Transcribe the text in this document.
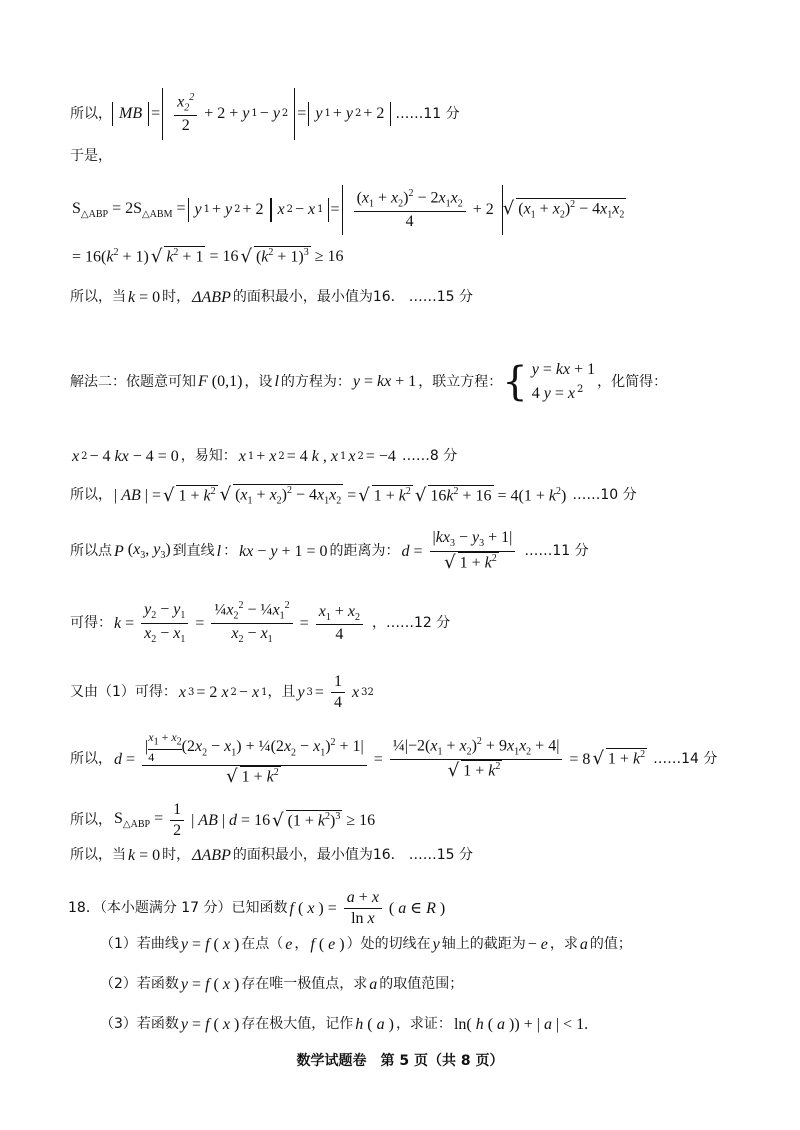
所以， MB = $\frac{x_2^2}{2} + 2 + y$ 1 − y 2 = y 1 + y 2 + 2 ……11 分
于是，
$S_{\triangle ABP} = 2S_{\triangle ABM} = y$ 1 + y 2 + 2 x 2 − x $1 = \frac{(x_1 + x_2)^2 - 2x_1x_2}{4} + 2$ √ $(x_1 + x_2)^2 - 4x_1x_2$
= $16(k^2 + 1)$ √ $k^2 + 1 = 16$ √ $(k^2 + 1)^3 \ge 16$
所以， 当 k = 0 时， ΔABP 的面积最小，最小值为 16． ……15 分
解法二：依题意可知 F (0,1) ，设 l 的方程为： y = kx + 1 ，联立方程： { y = kx + 1
4 y = x $^2$ ，化简得：
x 2 − 4 kx − 4 = 0 ，易知： x 1 + x 2 = 4 k , x 1 x 2 = −4 ……8 分
所以， | AB | = √ $1 + k^2$ √ $(x_1 + x_2)^2 - 4x_1x_2$ = √ $1 + k^2$ √ $16k^2 + 16 = 4(1 + k^2)$ ……10 分
所以点 P ($x_3$, $y_3$) 到直线 l ： kx − y + 1 = 0 的距离为： $d = \frac{|kx_3 - y_3 + 1|}{√ 1 + k^2}$ ……11 分
可得： $k = \frac{y_2 - y_1}{x_2 - x_1} = \frac{\frac{1}{4}x_2^2 - \frac{1}{4}x_1^2}{x_2 - x_1} = \frac{x_1 + x_2}{4}$ ，……12 分
又由（1）可得： x 3 = 2 x 2 − x 1 ，且 y $3 = \frac{1}{4}$ x 3 2
所以， $d = \frac{| \frac{x_1 + x_2}{4} (2x_2 - x_1) + \frac{1}{4}(2x_2 - x_1)^2 + 1|}{√ 1 + k^2} = \frac{\frac{1}{4}|-2(x_1 + x_2)^2 + 9x_1x_2 + 4|}{√ 1 + k^2} = 8$ √ $1 + k^2$ ……14 分
所以， $S_{\triangle ABP} = \frac{1}{2}$ | AB | d = 16 √ $(1 + k^2)^3 \ge 16$
所以， 当 k = 0 时， ΔABP 的面积最小，最小值为 16． ……15 分
18．（本小题满分 17 分）已知函数 f ( x ) = $\frac{a + x}{\text{ln x}}$ ( a ∈ R )
（1）若曲线 y = f ( x ) 在点（ e ， f ( e ) ）处的切线在 y 轴上的截距为 − e ，求 a 的值；
（2）若函数 y = f ( x ) 存在唯一极值点，求 a 的取值范围；
（3）若函数 y = f ( x ) 存在极大值，记作 h ( a ) ，求证： ln( h ( a )) + | a | < 1.
数学试题卷　第 5 页（共 8 页）
